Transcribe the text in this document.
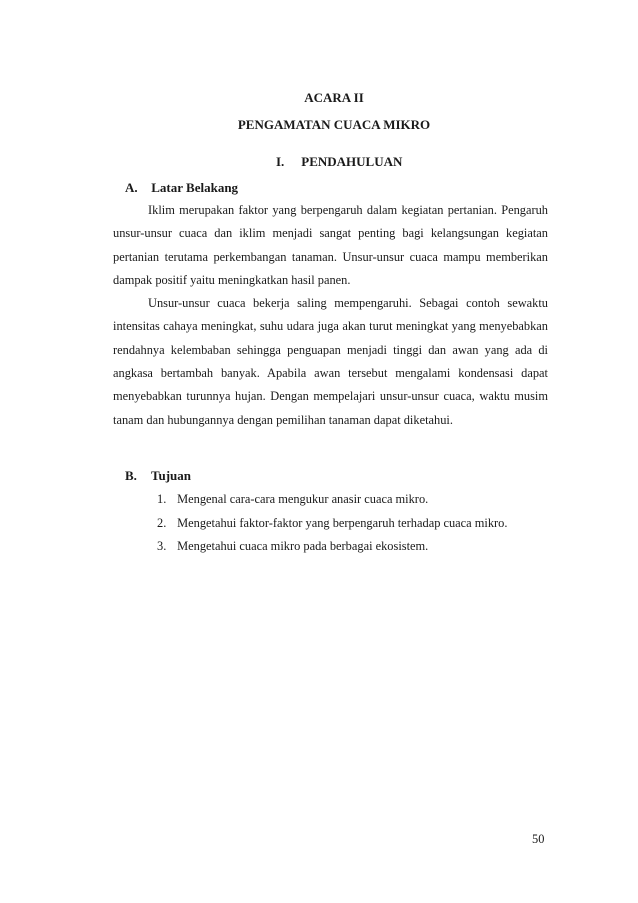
ACARA II
PENGAMATAN CUACA MIKRO
I. PENDAHULUAN
A. Latar Belakang

Iklim merupakan faktor yang berpengaruh dalam kegiatan pertanian. Pengaruh unsur-unsur cuaca dan iklim menjadi sangat penting bagi kelangsungan kegiatan pertanian terutama perkembangan tanaman. Unsur-unsur cuaca mampu memberikan dampak positif yaitu meningkatkan hasil panen.

Unsur-unsur cuaca bekerja saling mempengaruhi. Sebagai contoh sewaktu intensitas cahaya meningkat, suhu udara juga akan turut meningkat yang menyebabkan rendahnya kelembaban sehingga penguapan menjadi tinggi dan awan yang ada di angkasa bertambah banyak. Apabila awan tersebut mengalami kondensasi dapat menyebabkan turunnya hujan. Dengan mempelajari unsur-unsur cuaca, waktu musim tanam dan hubungannya dengan pemilihan tanaman dapat diketahui.

B. Tujuan
1. Mengenal cara-cara mengukur anasir cuaca mikro.
2. Mengetahui faktor-faktor yang berpengaruh terhadap cuaca mikro.
3. Mengetahui cuaca mikro pada berbagai ekosistem.
50
